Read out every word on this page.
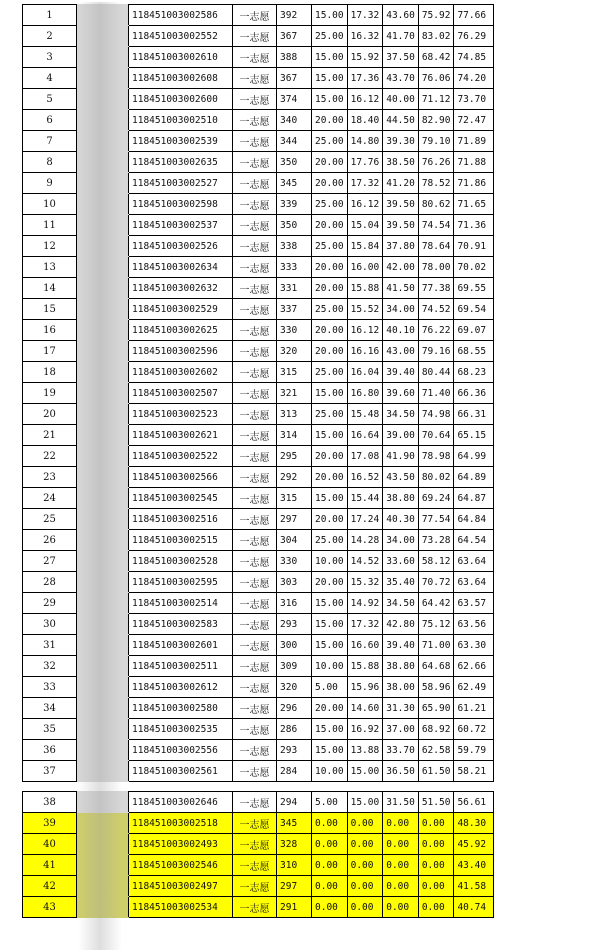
1		118451003002586	一志愿	392	15.00	17.32	43.60	75.92	77.66
2		118451003002552	一志愿	367	25.00	16.32	41.70	83.02	76.29
3		118451003002610	一志愿	388	15.00	15.92	37.50	68.42	74.85
4		118451003002608	一志愿	367	15.00	17.36	43.70	76.06	74.20
5		118451003002600	一志愿	374	15.00	16.12	40.00	71.12	73.70
6		118451003002510	一志愿	340	20.00	18.40	44.50	82.90	72.47
7		118451003002539	一志愿	344	25.00	14.80	39.30	79.10	71.89
8		118451003002635	一志愿	350	20.00	17.76	38.50	76.26	71.88
9		118451003002527	一志愿	345	20.00	17.32	41.20	78.52	71.86
10		118451003002598	一志愿	339	25.00	16.12	39.50	80.62	71.65
11		118451003002537	一志愿	350	20.00	15.04	39.50	74.54	71.36
12		118451003002526	一志愿	338	25.00	15.84	37.80	78.64	70.91
13		118451003002634	一志愿	333	20.00	16.00	42.00	78.00	70.02
14		118451003002632	一志愿	331	20.00	15.88	41.50	77.38	69.55
15		118451003002529	一志愿	337	25.00	15.52	34.00	74.52	69.54
16		118451003002625	一志愿	330	20.00	16.12	40.10	76.22	69.07
17		118451003002596	一志愿	320	20.00	16.16	43.00	79.16	68.55
18		118451003002602	一志愿	315	25.00	16.04	39.40	80.44	68.23
19		118451003002507	一志愿	321	15.00	16.80	39.60	71.40	66.36
20		118451003002523	一志愿	313	25.00	15.48	34.50	74.98	66.31
21		118451003002621	一志愿	314	15.00	16.64	39.00	70.64	65.15
22		118451003002522	一志愿	295	20.00	17.08	41.90	78.98	64.99
23		118451003002566	一志愿	292	20.00	16.52	43.50	80.02	64.89
24		118451003002545	一志愿	315	15.00	15.44	38.80	69.24	64.87
25		118451003002516	一志愿	297	20.00	17.24	40.30	77.54	64.84
26		118451003002515	一志愿	304	25.00	14.28	34.00	73.28	64.54
27		118451003002528	一志愿	330	10.00	14.52	33.60	58.12	63.64
28		118451003002595	一志愿	303	20.00	15.32	35.40	70.72	63.64
29		118451003002514	一志愿	316	15.00	14.92	34.50	64.42	63.57
30		118451003002583	一志愿	293	15.00	17.32	42.80	75.12	63.56
31		118451003002601	一志愿	300	15.00	16.60	39.40	71.00	63.30
32		118451003002511	一志愿	309	10.00	15.88	38.80	64.68	62.66
33		118451003002612	一志愿	320	5.00	15.96	38.00	58.96	62.49
34		118451003002580	一志愿	296	20.00	14.60	31.30	65.90	61.21
35		118451003002535	一志愿	286	15.00	16.92	37.00	68.92	60.72
36		118451003002556	一志愿	293	15.00	13.88	33.70	62.58	59.79
37		118451003002561	一志愿	284	10.00	15.00	36.50	61.50	58.21

38		118451003002646	一志愿	294	5.00	15.00	31.50	51.50	56.61
39		118451003002518	一志愿	345	0.00	0.00	0.00	0.00	48.30
40		118451003002493	一志愿	328	0.00	0.00	0.00	0.00	45.92
41		118451003002546	一志愿	310	0.00	0.00	0.00	0.00	43.40
42		118451003002497	一志愿	297	0.00	0.00	0.00	0.00	41.58
43		118451003002534	一志愿	291	0.00	0.00	0.00	0.00	40.74
